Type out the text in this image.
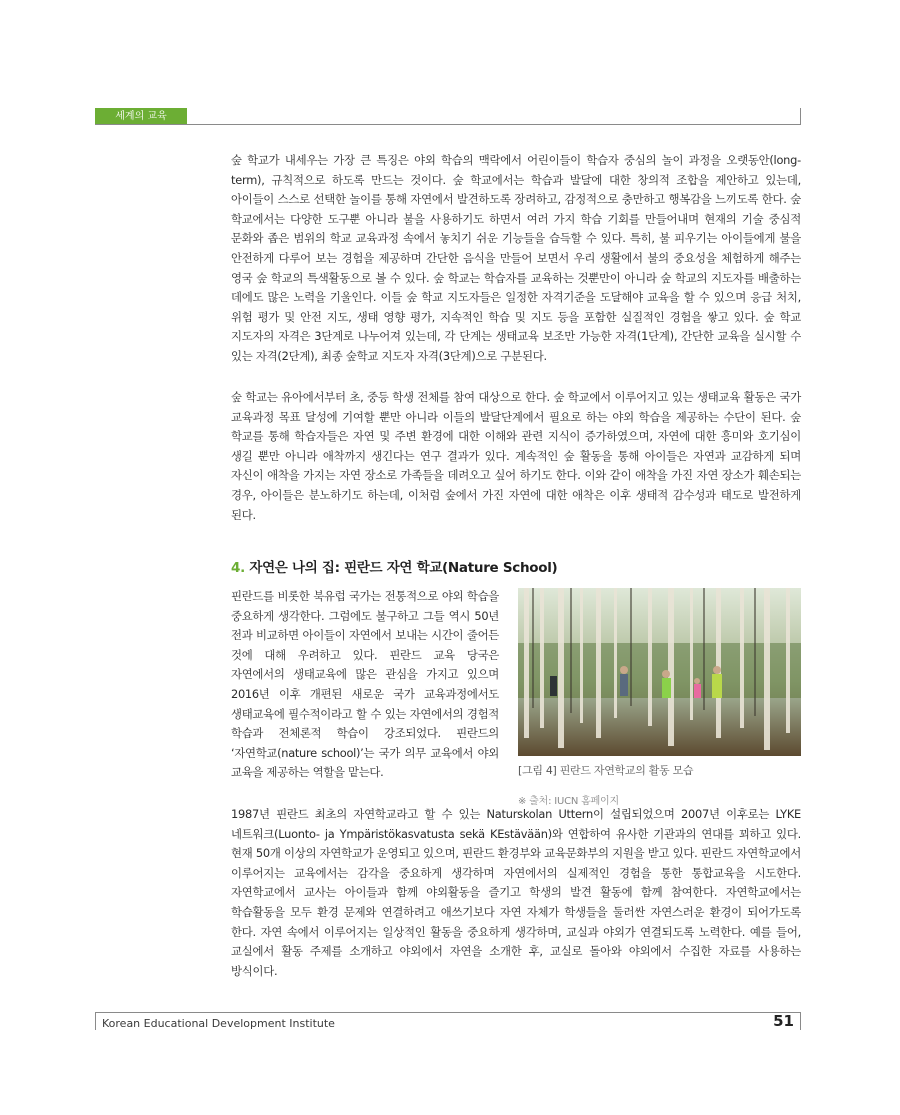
세계의 교육

숲 학교가 내세우는 가장 큰 특징은 야외 학습의 맥락에서 어린이들이 학습자 중심의 놀이 과정을 오랫동안(long-term), 규칙적으로 하도록 만드는 것이다. 숲 학교에서는 학습과 발달에 대한 창의적 조합을 제안하고 있는데, 아이들이 스스로 선택한 놀이를 통해 자연에서 발견하도록 장려하고, 감정적으로 충만하고 행복감을 느끼도록 한다. 숲 학교에서는 다양한 도구뿐 아니라 불을 사용하기도 하면서 여러 가지 학습 기회를 만들어내며 현재의 기술 중심적 문화와 좁은 범위의 학교 교육과정 속에서 놓치기 쉬운 기능들을 습득할 수 있다. 특히, 불 피우기는 아이들에게 불을 안전하게 다루어 보는 경험을 제공하며 간단한 음식을 만들어 보면서 우리 생활에서 불의 중요성을 체험하게 해주는 영국 숲 학교의 특색활동으로 볼 수 있다. 숲 학교는 학습자를 교육하는 것뿐만이 아니라 숲 학교의 지도자를 배출하는 데에도 많은 노력을 기울인다. 이들 숲 학교 지도자들은 일정한 자격기준을 도달해야 교육을 할 수 있으며 응급 처치, 위험 평가 및 안전 지도, 생태 영향 평가, 지속적인 학습 및 지도 등을 포함한 실질적인 경험을 쌓고 있다. 숲 학교 지도자의 자격은 3단계로 나누어져 있는데, 각 단계는 생태교육 보조만 가능한 자격(1단계), 간단한 교육을 실시할 수 있는 자격(2단계), 최종 숲학교 지도자 자격(3단계)으로 구분된다.

숲 학교는 유아에서부터 초, 중등 학생 전체를 참여 대상으로 한다. 숲 학교에서 이루어지고 있는 생태교육 활동은 국가 교육과정 목표 달성에 기여할 뿐만 아니라 이들의 발달단계에서 필요로 하는 야외 학습을 제공하는 수단이 된다. 숲 학교를 통해 학습자들은 자연 및 주변 환경에 대한 이해와 관련 지식이 증가하였으며, 자연에 대한 흥미와 호기심이 생길 뿐만 아니라 애착까지 생긴다는 연구 결과가 있다. 계속적인 숲 활동을 통해 아이들은 자연과 교감하게 되며 자신이 애착을 가지는 자연 장소로 가족들을 데려오고 싶어 하기도 한다. 이와 같이 애착을 가진 자연 장소가 훼손되는 경우, 아이들은 분노하기도 하는데, 이처럼 숲에서 가진 자연에 대한 애착은 이후 생태적 감수성과 태도로 발전하게 된다.

4. 자연은 나의 집: 핀란드 자연 학교(Nature School)

핀란드를 비롯한 북유럽 국가는 전통적으로 야외 학습을 중요하게 생각한다. 그럼에도 불구하고 그들 역시 50년 전과 비교하면 아이들이 자연에서 보내는 시간이 줄어든 것에 대해 우려하고 있다. 핀란드 교육 당국은 자연에서의 생태교육에 많은 관심을 가지고 있으며 2016년 이후 개편된 새로운 국가 교육과정에서도 생태교육에 필수적이라고 할 수 있는 자연에서의 경험적 학습과 전체론적 학습이 강조되었다. 핀란드의 ‘자연학교(nature school)’는 국가 의무 교육에서 야외 교육을 제공하는 역할을 맡는다.	[그림 4] 핀란드 자연학교의 활동 모습

※ 출처: IUCN 홈페이지

1987년 핀란드 최초의 자연학교라고 할 수 있는 Naturskolan Uttern이 설립되었으며 2007년 이후로는 LYKE 네트워크(Luonto- ja Ympäristökasvatusta sekä KEstävään)와 연합하여 유사한 기관과의 연대를 꾀하고 있다. 현재 50개 이상의 자연학교가 운영되고 있으며, 핀란드 환경부와 교육문화부의 지원을 받고 있다. 핀란드 자연학교에서 이루어지는 교육에서는 감각을 중요하게 생각하며 자연에서의 실제적인 경험을 통한 통합교육을 시도한다. 자연학교에서 교사는 아이들과 함께 야외활동을 즐기고 학생의 발견 활동에 함께 참여한다. 자연학교에서는 학습활동을 모두 환경 문제와 연결하려고 애쓰기보다 자연 자체가 학생들을 둘러싼 자연스러운 환경이 되어가도록 한다. 자연 속에서 이루어지는 일상적인 활동을 중요하게 생각하며, 교실과 야외가 연결되도록 노력한다. 예를 들어, 교실에서 활동 주제를 소개하고 야외에서 자연을 소개한 후, 교실로 돌아와 야외에서 수집한 자료를 사용하는 방식이다.

Korean Educational Development Institute	51
